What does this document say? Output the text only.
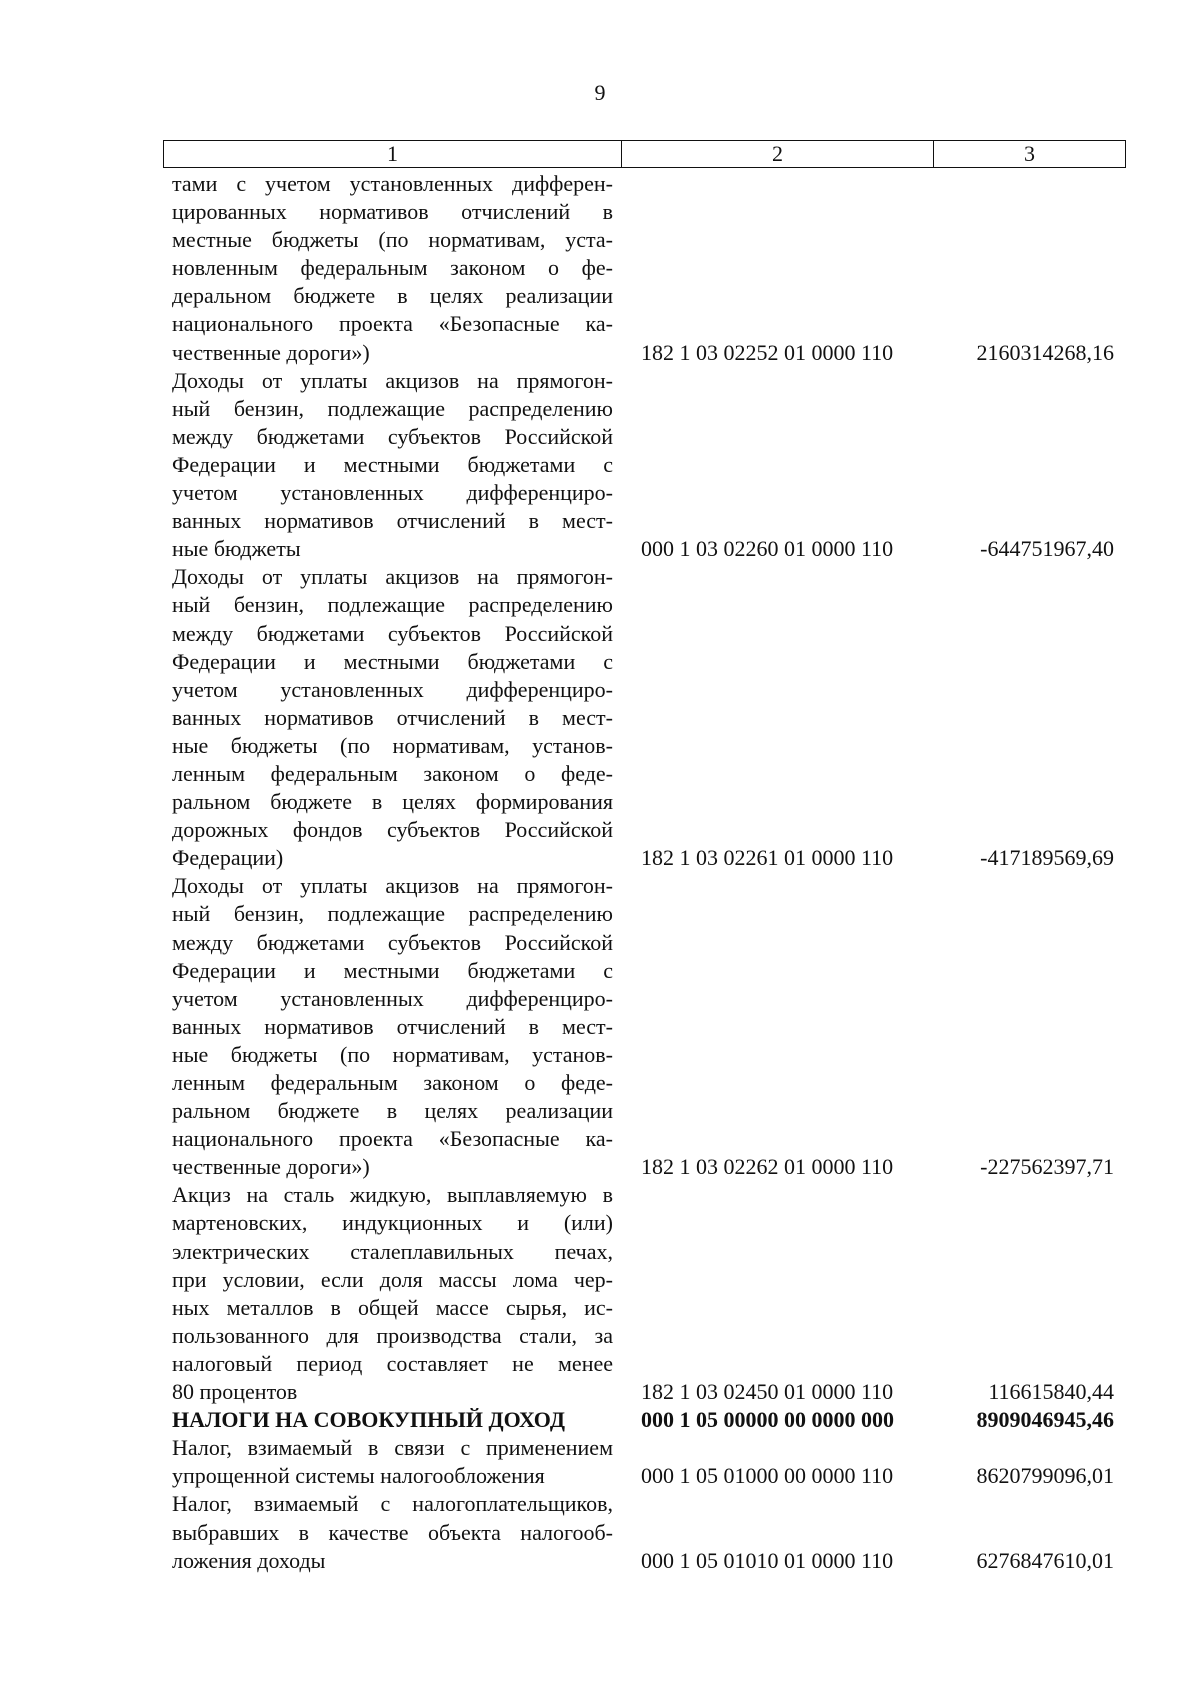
9
1	2	3
тами с учетом установленных дифферен-
цированных нормативов отчислений в
местные бюджеты (по нормативам, уста-
новленным федеральным законом о фе-
деральном бюджете в целях реализации
национального проекта «Безопасные ка-
чественные дороги»)	182 1 03 02252 01 0000 110	2160314268,16
Доходы от уплаты акцизов на прямогон-
ный бензин, подлежащие распределению
между бюджетами субъектов Российской
Федерации и местными бюджетами с
учетом установленных дифференциро-
ванных нормативов отчислений в мест-
ные бюджеты	000 1 03 02260 01 0000 110	-644751967,40
Доходы от уплаты акцизов на прямогон-
ный бензин, подлежащие распределению
между бюджетами субъектов Российской
Федерации и местными бюджетами с
учетом установленных дифференциро-
ванных нормативов отчислений в мест-
ные бюджеты (по нормативам, установ-
ленным федеральным законом о феде-
ральном бюджете в целях формирования
дорожных фондов субъектов Российской
Федерации)	182 1 03 02261 01 0000 110	-417189569,69
Доходы от уплаты акцизов на прямогон-
ный бензин, подлежащие распределению
между бюджетами субъектов Российской
Федерации и местными бюджетами с
учетом установленных дифференциро-
ванных нормативов отчислений в мест-
ные бюджеты (по нормативам, установ-
ленным федеральным законом о феде-
ральном бюджете в целях реализации
национального проекта «Безопасные ка-
чественные дороги»)	182 1 03 02262 01 0000 110	-227562397,71
Акциз на сталь жидкую, выплавляемую в
мартеновских, индукционных и (или)
электрических сталеплавильных печах,
при условии, если доля массы лома чер-
ных металлов в общей массе сырья, ис-
пользованного для производства стали, за
налоговый период составляет не менее
80 процентов	182 1 03 02450 01 0000 110	116615840,44
НАЛОГИ НА СОВОКУПНЫЙ ДОХОД	000 1 05 00000 00 0000 000	8909046945,46
Налог, взимаемый в связи с применением
упрощенной системы налогообложения	000 1 05 01000 00 0000 110	8620799096,01
Налог, взимаемый с налогоплательщиков,
выбравших в качестве объекта налогооб-
ложения доходы	000 1 05 01010 01 0000 110	6276847610,01
